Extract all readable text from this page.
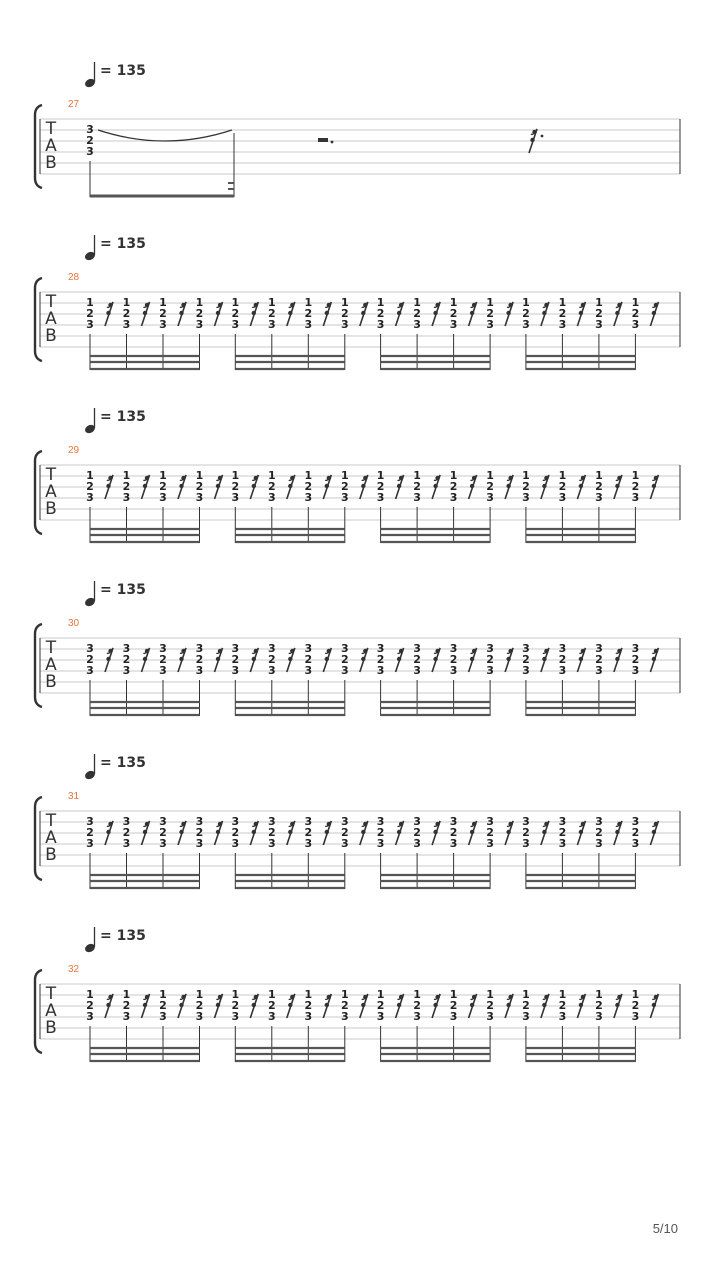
= 135
27
T
A
B
3
2
3
= 135
28
T
A
B
1
2
3
1
2
3
1
2
3
1
2
3
1
2
3
1
2
3
1
2
3
1
2
3
1
2
3
1
2
3
1
2
3
1
2
3
1
2
3
1
2
3
1
2
3
1
2
3
= 135
29
T
A
B
1
2
3
1
2
3
1
2
3
1
2
3
1
2
3
1
2
3
1
2
3
1
2
3
1
2
3
1
2
3
1
2
3
1
2
3
1
2
3
1
2
3
1
2
3
1
2
3
= 135
30
T
A
B
3
2
3
3
2
3
3
2
3
3
2
3
3
2
3
3
2
3
3
2
3
3
2
3
3
2
3
3
2
3
3
2
3
3
2
3
3
2
3
3
2
3
3
2
3
3
2
3
= 135
31
T
A
B
3
2
3
3
2
3
3
2
3
3
2
3
3
2
3
3
2
3
3
2
3
3
2
3
3
2
3
3
2
3
3
2
3
3
2
3
3
2
3
3
2
3
3
2
3
3
2
3
= 135
32
T
A
B
1
2
3
1
2
3
1
2
3
1
2
3
1
2
3
1
2
3
1
2
3
1
2
3
1
2
3
1
2
3
1
2
3
1
2
3
1
2
3
1
2
3
1
2
3
1
2
3
5/10
